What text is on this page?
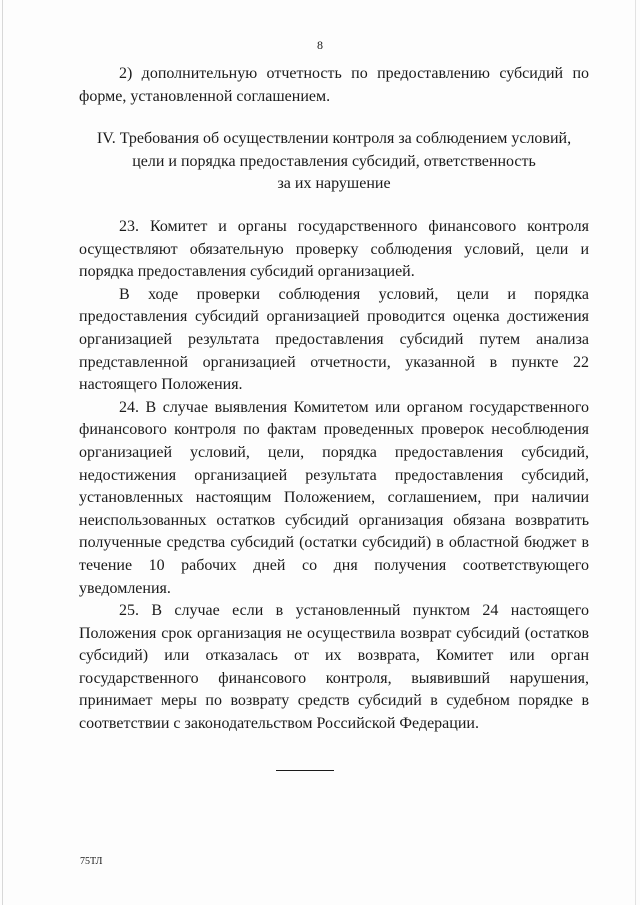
8
2) дополнительную отчетность по предоставлению субсидий по форме, установленной соглашением.
IV. Требования об осуществлении контроля за соблюдением условий,
цели и порядка предоставления субсидий, ответственность
за их нарушение

23. Комитет и органы государственного финансового контроля осуществляют обязательную проверку соблюдения условий, цели и порядка предоставления субсидий организацией.

В ходе проверки соблюдения условий, цели и порядка предоставления субсидий организацией проводится оценка достижения организацией результата предоставления субсидий путем анализа представленной организацией отчетности, указанной в пункте 22 настоящего Положения.

24. В случае выявления Комитетом или органом государственного финансового контроля по фактам проведенных проверок несоблюдения организацией условий, цели, порядка предоставления субсидий, недостижения организацией результата предоставления субсидий, установленных настоящим Положением, соглашением, при наличии неиспользованных остатков субсидий организация обязана возвратить полученные средства субсидий (остатки субсидий) в областной бюджет в течение 10 рабочих дней со дня получения соответствующего уведомления.

25. В случае если в установленный пунктом 24 настоящего Положения срок организация не осуществила возврат субсидий (остатков субсидий) или отказалась от их возврата, Комитет или орган государственного финансового контроля, выявивший нарушения, принимает меры по возврату средств субсидий в судебном порядке в соответствии с законодательством Российской Федерации.

75ТЛ
